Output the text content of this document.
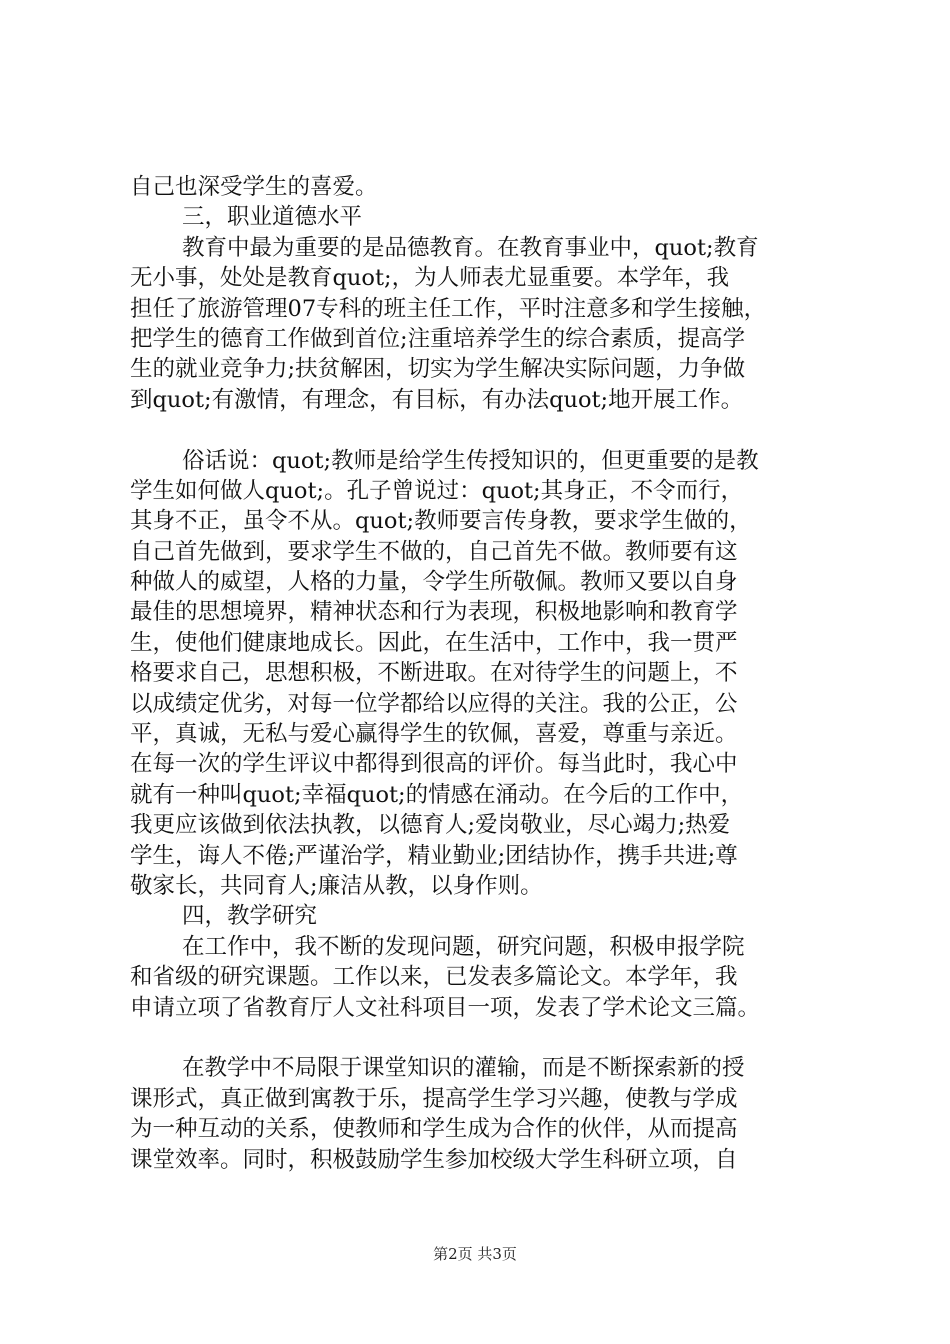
自己也深受学生的喜爱。
三，职业道德水平
教育中最为重要的是品德教育。在教育事业中，quot;教育
无小事，处处是教育quot;，为人师表尤显重要。本学年，我
担任了旅游管理07专科的班主任工作，平时注意多和学生接触，
把学生的德育工作做到首位;注重培养学生的综合素质，提高学
生的就业竞争力;扶贫解困，切实为学生解决实际问题，力争做
到quot;有激情，有理念，有目标，有办法quot;地开展工作。
俗话说：quot;教师是给学生传授知识的，但更重要的是教
学生如何做人quot;。孔子曾说过：quot;其身正，不令而行，
其身不正，虽令不从。quot;教师要言传身教，要求学生做的，
自己首先做到，要求学生不做的，自己首先不做。教师要有这
种做人的威望，人格的力量，令学生所敬佩。教师又要以自身
最佳的思想境界，精神状态和行为表现，积极地影响和教育学
生，使他们健康地成长。因此，在生活中，工作中，我一贯严
格要求自己，思想积极，不断进取。在对待学生的问题上，不
以成绩定优劣，对每一位学都给以应得的关注。我的公正，公
平，真诚，无私与爱心赢得学生的钦佩，喜爱，尊重与亲近。
在每一次的学生评议中都得到很高的评价。每当此时，我心中
就有一种叫quot;幸福quot;的情感在涌动。在今后的工作中，
我更应该做到依法执教，以德育人;爱岗敬业，尽心竭力;热爱
学生，诲人不倦;严谨治学，精业勤业;团结协作，携手共进;尊
敬家长，共同育人;廉洁从教，以身作则。
四，教学研究
在工作中，我不断的发现问题，研究问题，积极申报学院
和省级的研究课题。工作以来，已发表多篇论文。本学年，我
申请立项了省教育厅人文社科项目一项，发表了学术论文三篇。
在教学中不局限于课堂知识的灌输，而是不断探索新的授
课形式，真正做到寓教于乐，提高学生学习兴趣，使教与学成
为一种互动的关系，使教师和学生成为合作的伙伴，从而提高
课堂效率。同时，积极鼓励学生参加校级大学生科研立项，自
第2页 共3页
